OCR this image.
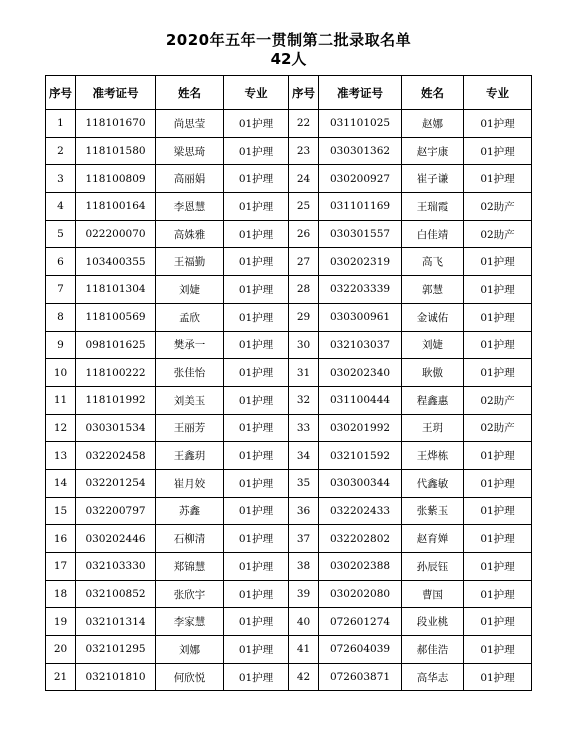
2020年五年一贯制第二批录取名单
42人
序号	准考证号	姓名	专业	序号	准考证号	姓名	专业
1	118101670	尚思莹	01护理	22	031101025	赵娜	01护理
2	118101580	梁思琦	01护理	23	030301362	赵宇康	01护理
3	118100809	高丽娟	01护理	24	030200927	崔子谦	01护理
4	118100164	李恩慧	01护理	25	031101169	王瑞霞	02助产
5	022200070	高姝雅	01护理	26	030301557	白佳靖	02助产
6	103400355	王福勤	01护理	27	030202319	高飞	01护理
7	118101304	刘婕	01护理	28	032203339	郭慧	01护理
8	118100569	孟欣	01护理	29	030300961	金诚佑	01护理
9	098101625	樊承一	01护理	30	032103037	刘婕	01护理
10	118100222	张佳怡	01护理	31	030202340	耿傲	01护理
11	118101992	刘美玉	01护理	32	031100444	程鑫惠	02助产
12	030301534	王丽芳	01护理	33	030201992	王玥	02助产
13	032202458	王鑫玥	01护理	34	032101592	王烨栋	01护理
14	032201254	崔月姣	01护理	35	030300344	代鑫敏	01护理
15	032200797	苏鑫	01护理	36	032202433	张紫玉	01护理
16	030202446	石柳清	01护理	37	032202802	赵育婵	01护理
17	032103330	郑锦慧	01护理	38	030202388	孙辰钰	01护理
18	032100852	张欣宇	01护理	39	030202080	曹国	01护理
19	032101314	李家慧	01护理	40	072601274	段业桃	01护理
20	032101295	刘娜	01护理	41	072604039	郝佳浩	01护理
21	032101810	何欣悦	01护理	42	072603871	高华志	01护理
